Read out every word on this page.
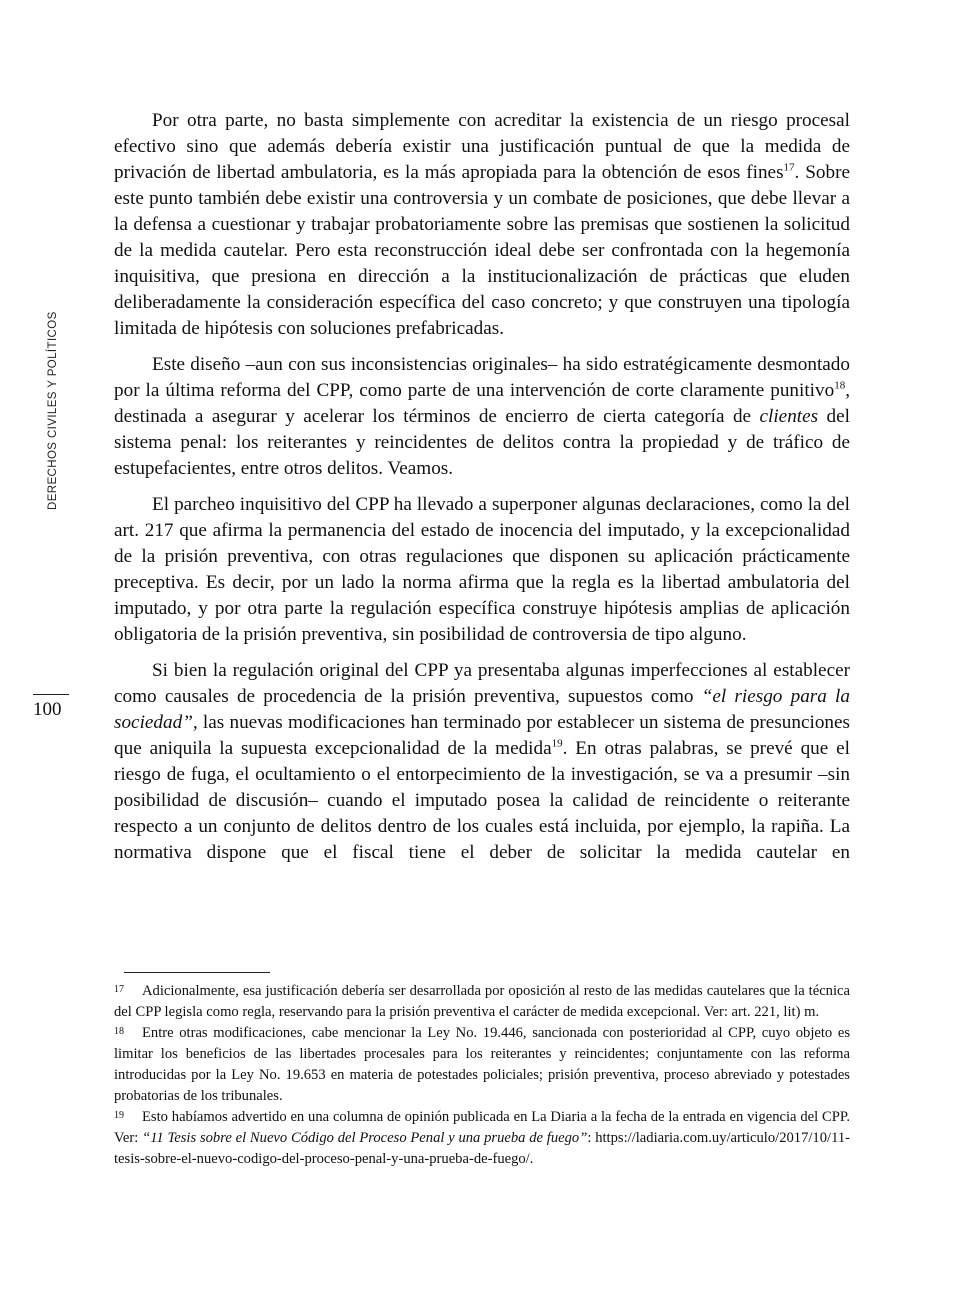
DERECHOS CIVILES Y POLÍTICOS
100

Por otra parte, no basta simplemente con acreditar la existencia de un riesgo procesal efectivo sino que además debería existir una justificación puntual de que la medida de privación de libertad ambulatoria, es la más apropiada para la obtención de esos fines$^{17}$. Sobre este punto también debe existir una controversia y un combate de posiciones, que debe llevar a la defensa a cuestionar y trabajar probatoriamente sobre las premisas que sostienen la solicitud de la medida cautelar. Pero esta reconstrucción ideal debe ser confrontada con la hegemonía inquisitiva, que presiona en dirección a la institucionalización de prácticas que eluden deliberadamente la consideración específica del caso concreto; y que construyen una tipología limitada de hipótesis con soluciones prefabricadas.

Este diseño –aun con sus inconsistencias originales– ha sido estratégicamente desmontado por la última reforma del CPP, como parte de una intervención de corte claramente punitivo$^{18}$, destinada a asegurar y acelerar los términos de encierro de cierta categoría de clientes del sistema penal: los reiterantes y reincidentes de delitos contra la propiedad y de tráfico de estupefacientes, entre otros delitos. Veamos.

El parcheo inquisitivo del CPP ha llevado a superponer algunas declaraciones, como la del art. 217 que afirma la permanencia del estado de inocencia del imputado, y la excepcionalidad de la prisión preventiva, con otras regulaciones que disponen su aplicación prácticamente preceptiva. Es decir, por un lado la norma afirma que la regla es la libertad ambulatoria del imputado, y por otra parte la regulación específica construye hipótesis amplias de aplicación obligatoria de la prisión preventiva, sin posibilidad de controversia de tipo alguno.

Si bien la regulación original del CPP ya presentaba algunas imperfecciones al establecer como causales de procedencia de la prisión preventiva, supuestos como “el riesgo para la sociedad”, las nuevas modificaciones han terminado por establecer un sistema de presunciones que aniquila la supuesta excepcionalidad de la medida$^{19}$. En otras palabras, se prevé que el riesgo de fuga, el ocultamiento o el entorpecimiento de la investigación, se va a presumir –sin posibilidad de discusión– cuando el imputado posea la calidad de reincidente o reiterante respecto a un conjunto de delitos dentro de los cuales está incluida, por ejemplo, la rapiña. La normativa dispone que el fiscal tiene el deber de solicitar la medida cautelar en

17 Adicionalmente, esa justificación debería ser desarrollada por oposición al resto de las medidas cautelares que la técnica del CPP legisla como regla, reservando para la prisión preventiva el carácter de medida excepcional. Ver: art. 221, lit) m.

18 Entre otras modificaciones, cabe mencionar la Ley No. 19.446, sancionada con posterioridad al CPP, cuyo objeto es limitar los beneficios de las libertades procesales para los reiterantes y reincidentes; conjuntamente con las reforma introducidas por la Ley No. 19.653 en materia de potestades policiales; prisión preventiva, proceso abreviado y potestades probatorias de los tribunales.

19 Esto habíamos advertido en una columna de opinión publicada en La Diaria a la fecha de la entrada en vigencia del CPP. Ver: “11 Tesis sobre el Nuevo Código del Proceso Penal y una prueba de fuego”: https://ladiaria.com.uy/articulo/2017/10/11-tesis-sobre-el-nuevo-codigo-del-proceso-penal-y-una-prueba-de-fuego/.
